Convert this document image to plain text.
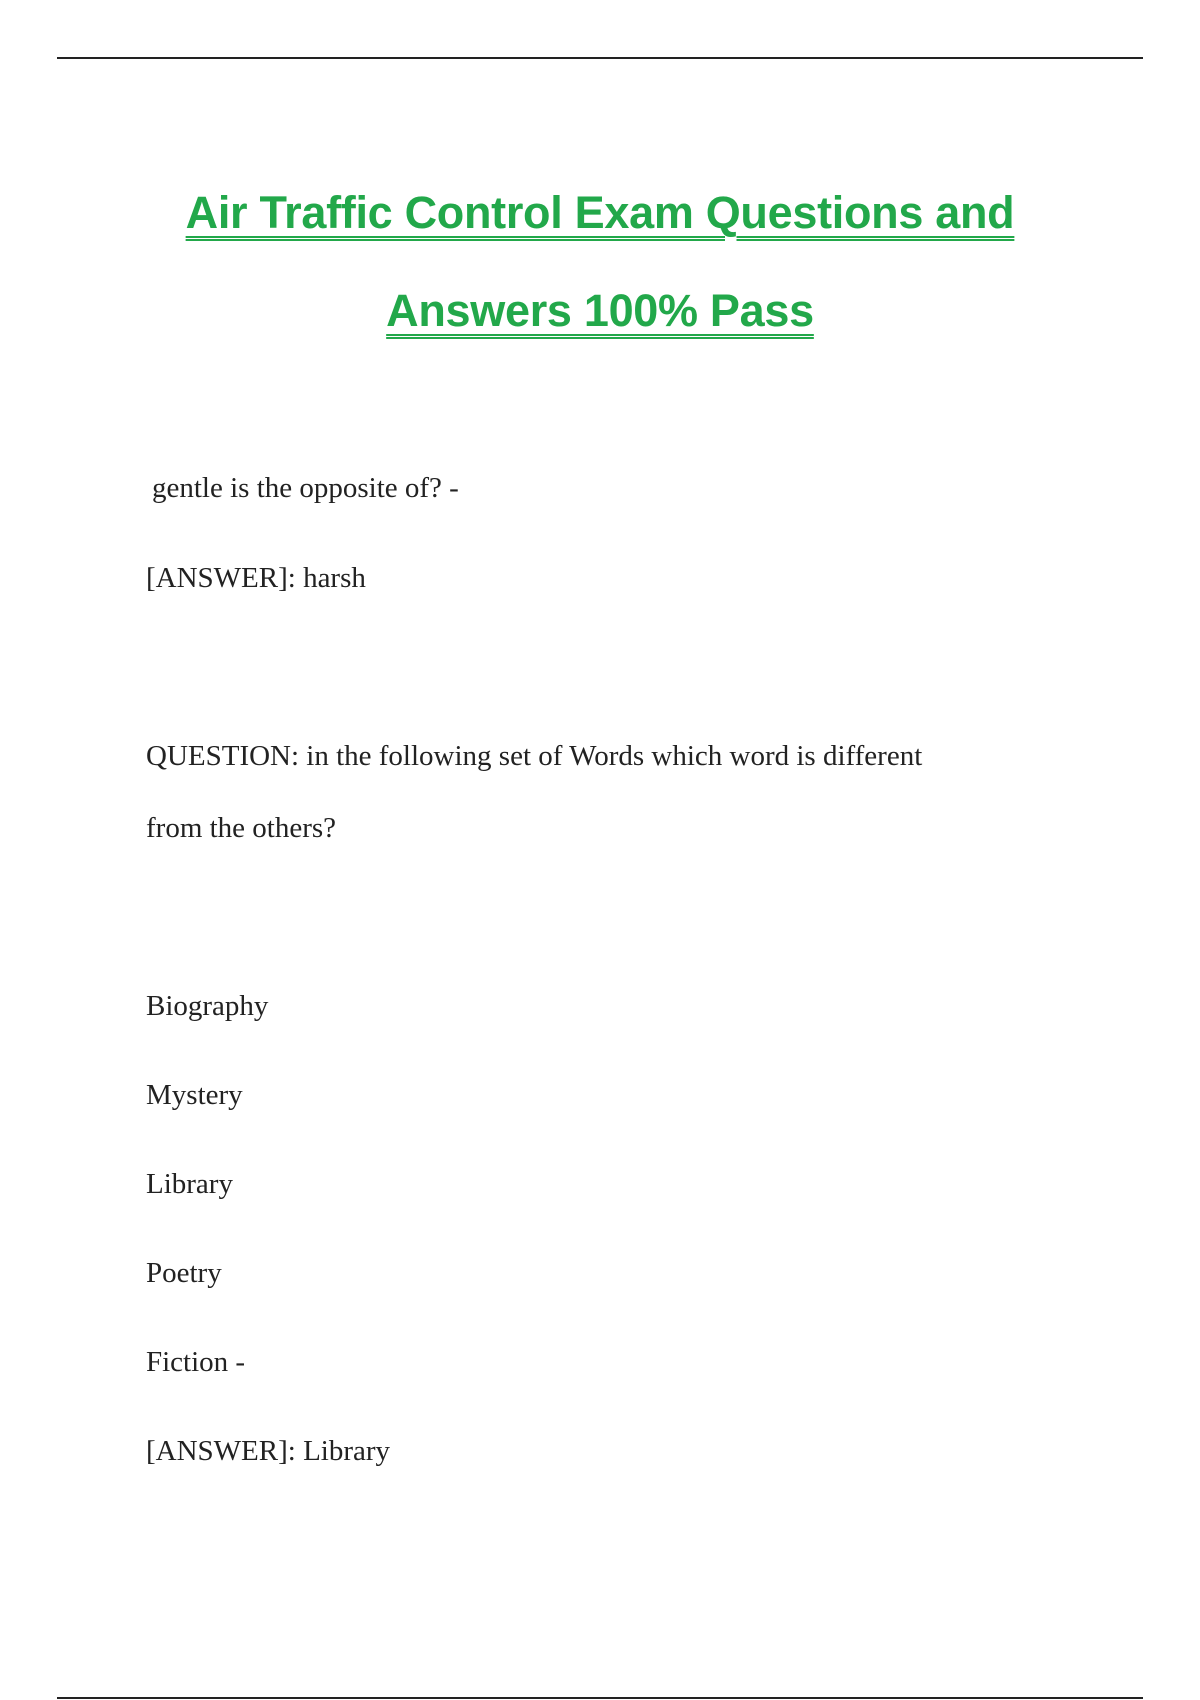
Air Traffic Control Exam Questions and
Answers 100% Pass

gentle is the opposite of? -

[ANSWER]: harsh

QUESTION: in the following set of Words which word is different

from the others?

Biography

Mystery

Library

Poetry

Fiction -

[ANSWER]: Library
